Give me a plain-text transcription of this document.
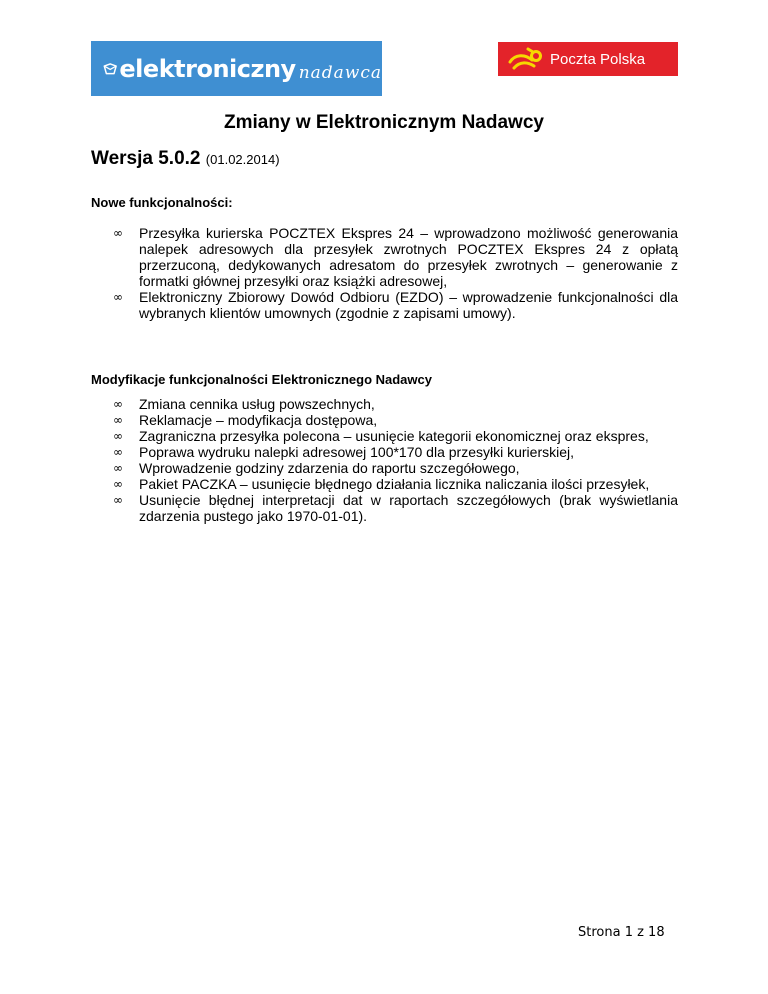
elektroniczny nadawca
Poczta Polska
Zmiany w Elektronicznym Nadawcy

Wersja 5.0.2 (01.02.2014)

Nowe funkcjonalności:

∞ Przesyłka kurierska POCZTEX Ekspres 24 – wprowadzono możliwość generowania nalepek adresowych dla przesyłek zwrotnych POCZTEX Ekspres 24 z opłatą przerzuconą, dedykowanych adresatom do przesyłek zwrotnych – generowanie z formatki głównej przesyłki oraz książki adresowej,
∞ Elektroniczny Zbiorowy Dowód Odbioru (EZDO) – wprowadzenie funkcjonalności dla wybranych klientów umownych (zgodnie z zapisami umowy).

Modyfikacje funkcjonalności Elektronicznego Nadawcy

∞ Zmiana cennika usług powszechnych,
∞ Reklamacje – modyfikacja dostępowa,
∞ Zagraniczna przesyłka polecona – usunięcie kategorii ekonomicznej oraz ekspres,
∞ Poprawa wydruku nalepki adresowej 100*170 dla przesyłki kurierskiej,
∞ Wprowadzenie godziny zdarzenia do raportu szczegółowego,
∞ Pakiet PACZKA – usunięcie błędnego działania licznika naliczania ilości przesyłek,
∞ Usunięcie błędnej interpretacji dat w raportach szczegółowych (brak wyświetlania zdarzenia pustego jako 1970-01-01).
Strona 1 z 18
